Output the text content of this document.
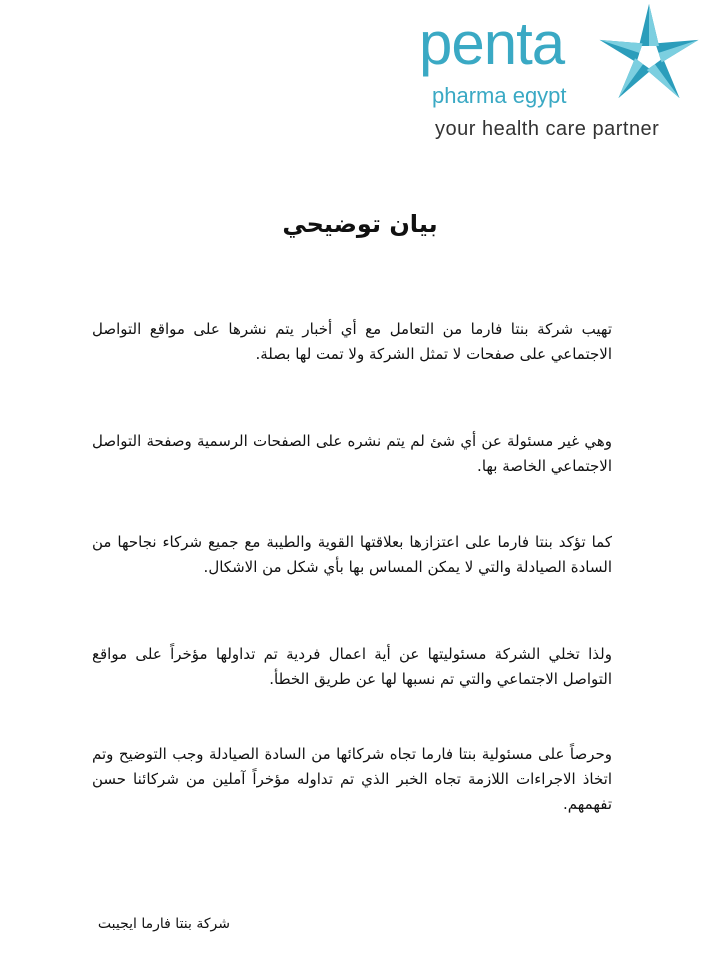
penta
pharma egypt
your health care partner
بيان توضيحي

تهيب شركة بنتا فارما من التعامل مع أي أخبار يتم نشرها على مواقع التواصل الاجتماعي على صفحات لا تمثل الشركة ولا تمت لها بصلة.

وهي غير مسئولة عن أي شئ لم يتم نشره على الصفحات الرسمية وصفحة التواصل الاجتماعي الخاصة بها.

كما تؤكد بنتا فارما على اعتزازها بعلاقتها القوية والطيبة مع جميع شركاء نجاحها من السادة الصيادلة والتي لا يمكن المساس بها بأي شكل من الاشكال.

ولذا تخلي الشركة مسئوليتها عن أية اعمال فردية تم تداولها مؤخراً على مواقع التواصل الاجتماعي والتي تم نسبها لها عن طريق الخطأ.

وحرصاً على مسئولية بنتا فارما تجاه شركائها من السادة الصيادلة وجب التوضيح وتم اتخاذ الاجراءات اللازمة تجاه الخبر الذي تم تداوله مؤخراً آملين من شركائنا حسن تفهمهم.

شركة بنتا فارما ايجيبت
